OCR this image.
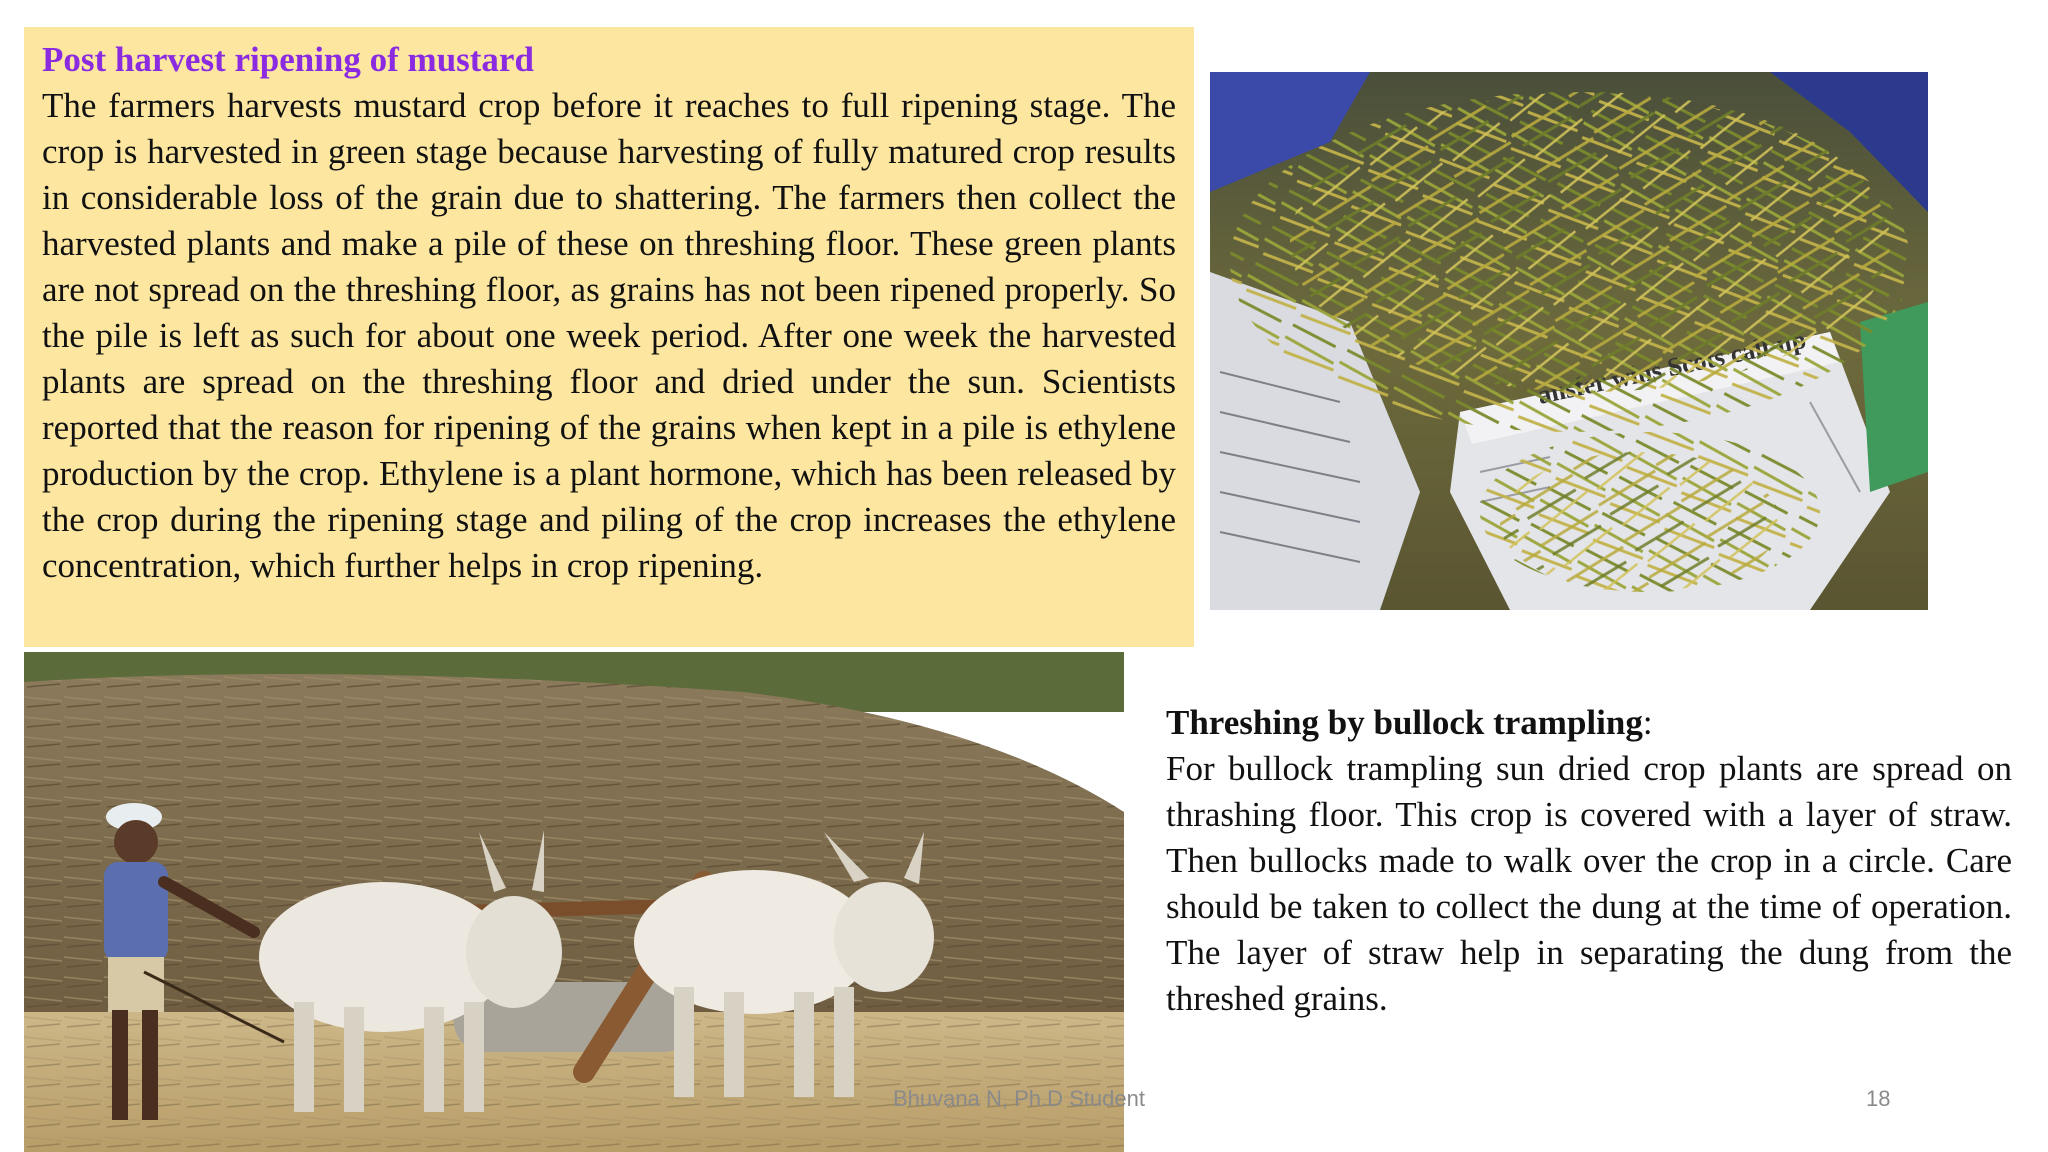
Post harvest ripening of mustard

The farmers harvests mustard crop before it reaches to full ripening stage. The crop is harvested in green stage because harvesting of fully matured crop results in considerable loss of the grain due to shattering. The farmers then collect the harvested plants and make a pile of these on threshing floor. These green plants are not spread on the threshing floor, as grains has not been ripened properly. So the pile is left as such for about one week period. After one week the harvested plants are spread on the threshing floor and dried under the sun. Scientists reported that the reason for ripening of the grains when kept in a pile is ethylene production by the crop. Ethylene is a plant hormone, which has been released by the crop during the ripening stage and piling of the crop increases the ethylene concentration, which further helps in crop ripening.

Threshing by bullock trampling:

For bullock trampling sun dried crop plants are spread on thrashing floor. This crop is covered with a layer of straw. Then bullocks made to walk over the crop in a circle. Care should be taken to collect the dung at the time of operation. The layer of straw help in separating the dung from the threshed grains.

Bhuvana N, Ph.D Student	18
